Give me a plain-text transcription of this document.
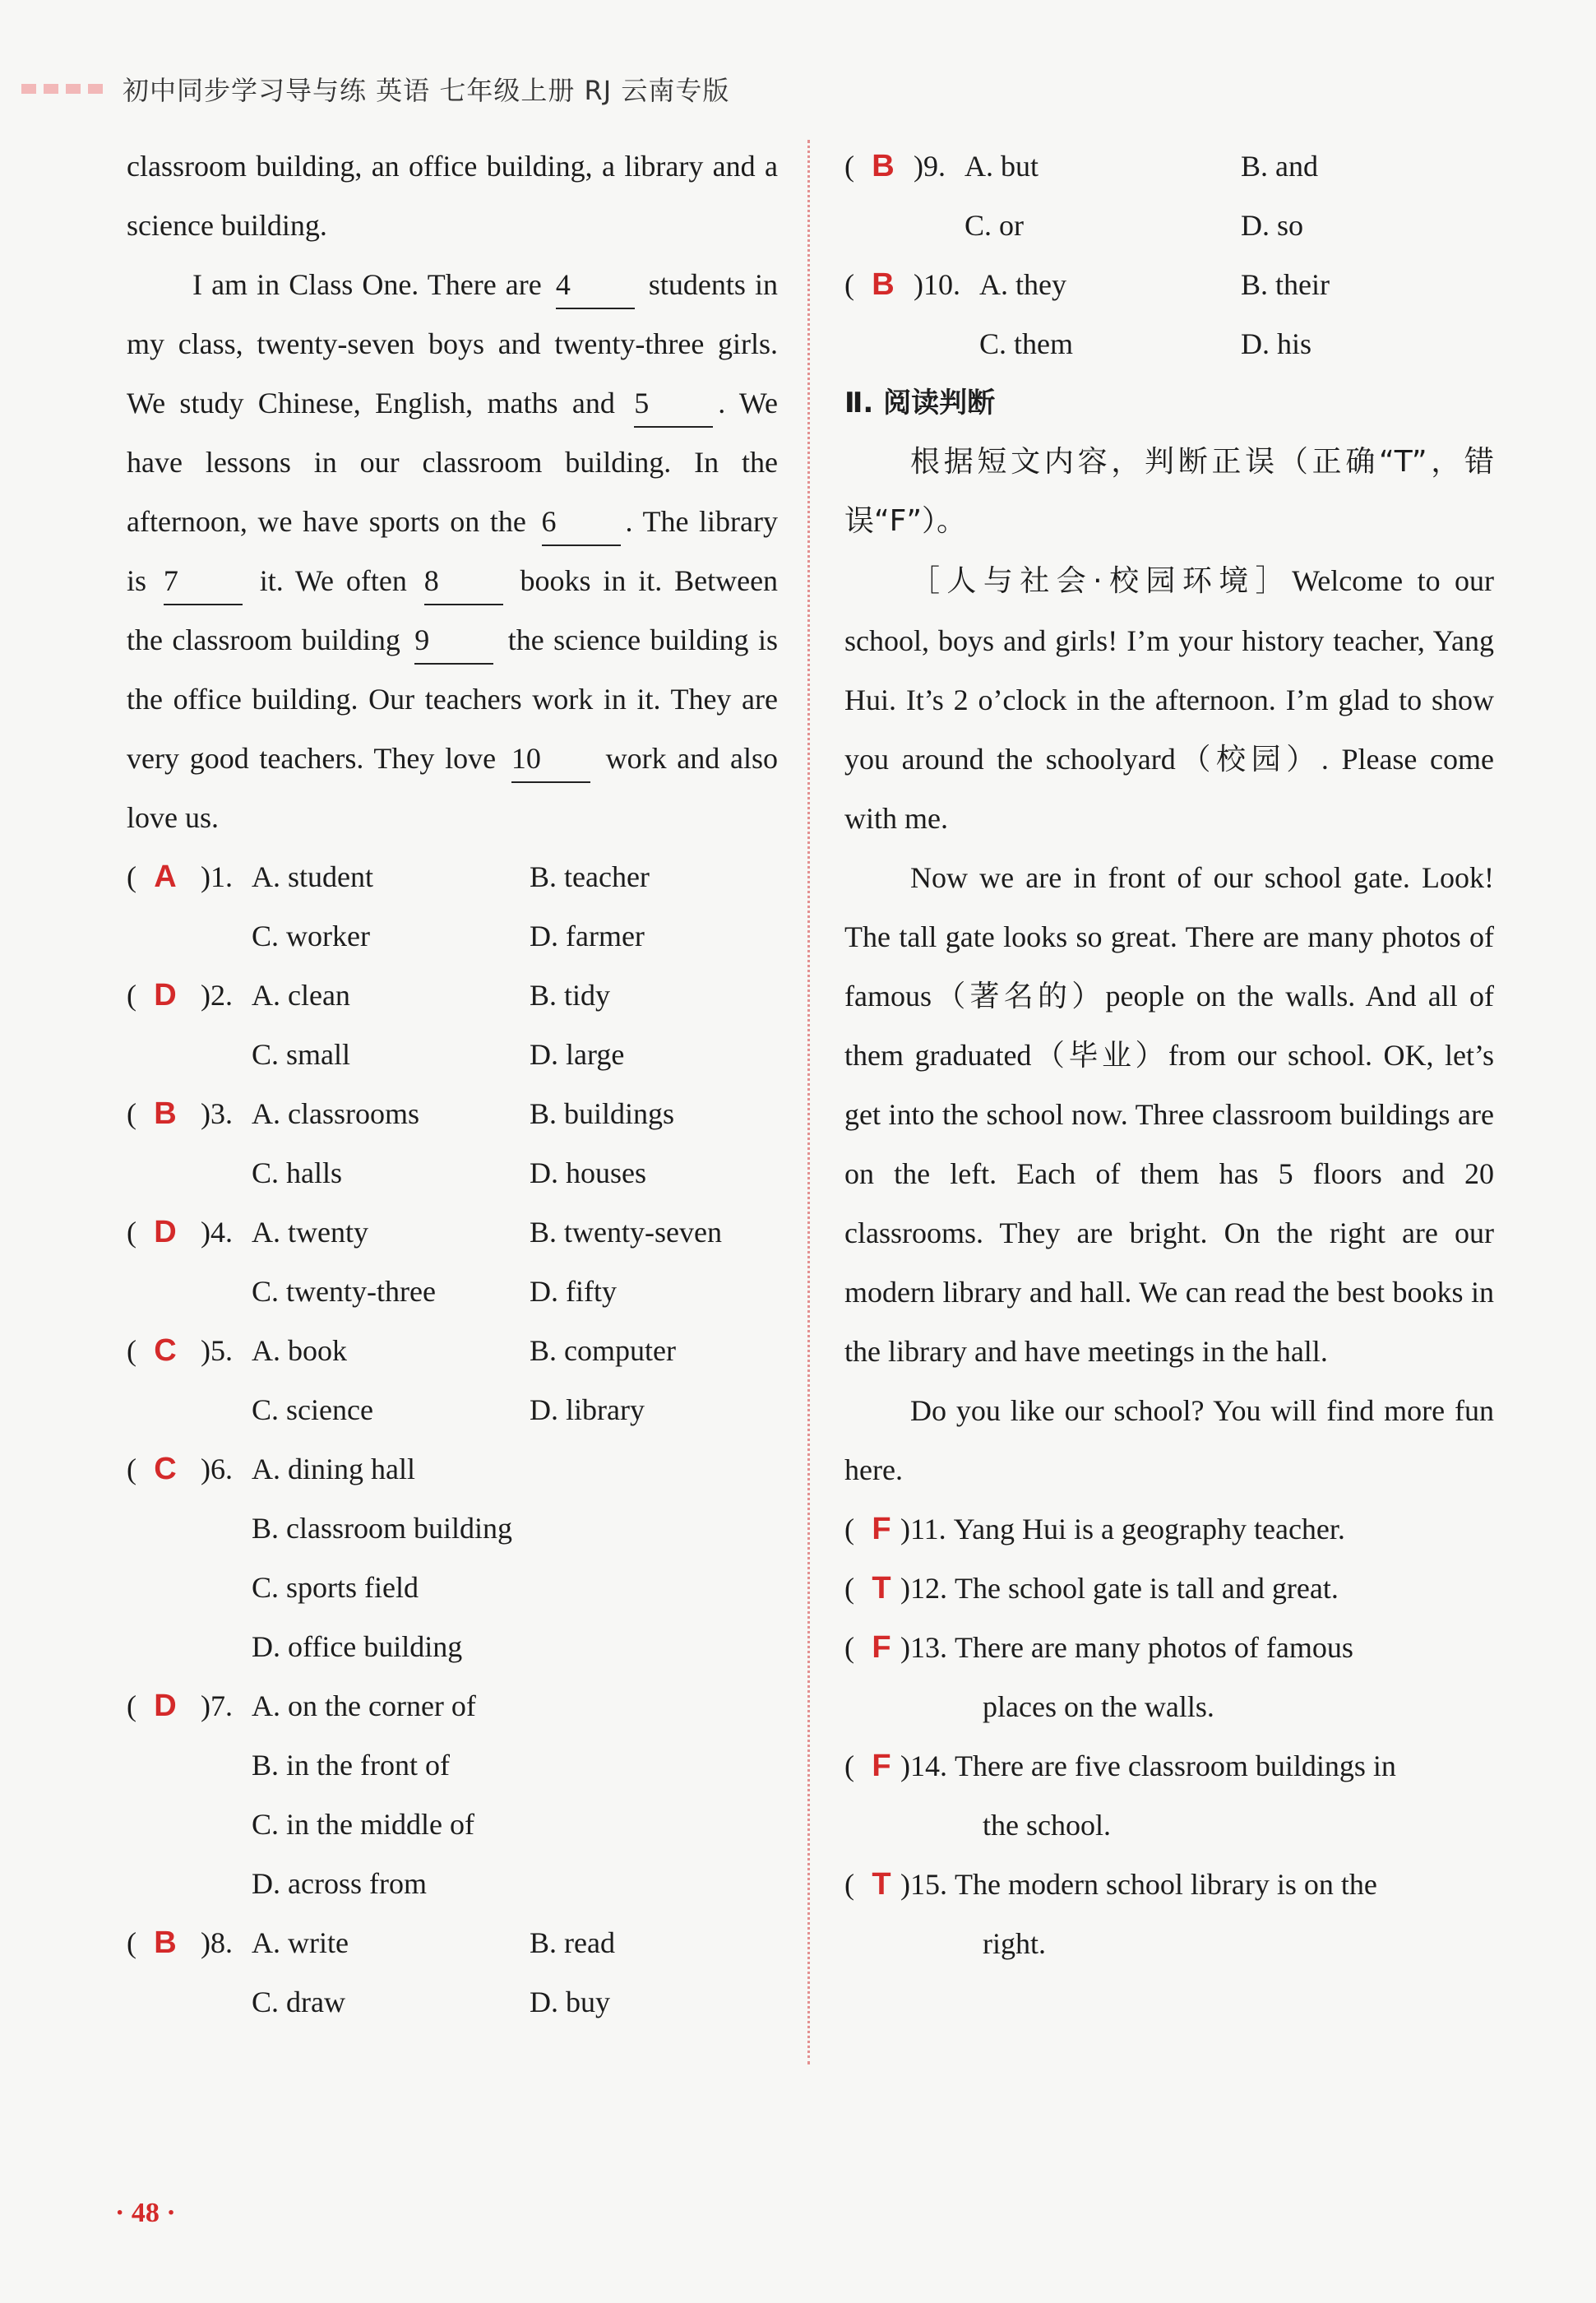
初中同步学习导与练 英语 七年级上册 RJ 云南专版

classroom building, an office building, a library and a science building.

I am in Class One. There are 4	students in my class, twenty-seven boys and twenty-three girls. We study Chinese, English, maths and 5 . We have lessons in our classroom building. In the afternoon, we have sports on the 6 . The library is 7	it. We often 8	books in it. Between the classroom building 9	the science building is the office building. Our teachers work in it. They are very good teachers. They love 10 work and also love us.

( A )1. A. student	B. teacher
C. worker	D. farmer
( D )2. A. clean	B. tidy
C. small	D. large
( B )3. A. classrooms	B. buildings
C. halls	D. houses
( D )4. A. twenty	B. twenty-seven
C. twenty-three	D. fifty
( C )5. A. book	B. computer
C. science	D. library
( C )6. A. dining hall
B. classroom building
C. sports field
D. office building
( D )7. A. on the corner of
B. in the front of
C. in the middle of
D. across from
( B )8. A. write	B. read
C. draw	D. buy
( B )9. A. but	B. and
C. or	D. so
( B )10. A. they	B. their
C. them	D. his

Ⅱ. 阅读判断

根据短文内容，判断正误（正确“T”，错误“F”）。

［人与社会·校园环境］Welcome to our school, boys and girls! I’m your history teacher, Yang Hui. It’s 2 o’clock in the afternoon. I’m glad to show you around the schoolyard（校园）. Please come with me.

Now we are in front of our school gate. Look! The tall gate looks so great. There are many photos of famous（著名的）people on the walls. And all of them graduated（毕业）from our school. OK, let’s get into the school now. Three classroom buildings are on the left. Each of them has 5 floors and 20 classrooms. They are bright. On the right are our modern library and hall. We can read the best books in the library and have meetings in the hall.

Do you like our school? You will find more fun here.

( F )11. Yang Hui is a geography teacher.
( T )12. The school gate is tall and great.
( F )13. There are many photos of famous
places on the walls.
( F )14. There are five classroom buildings in
the school.
( T )15. The modern school library is on the
right.
· 48 ·
